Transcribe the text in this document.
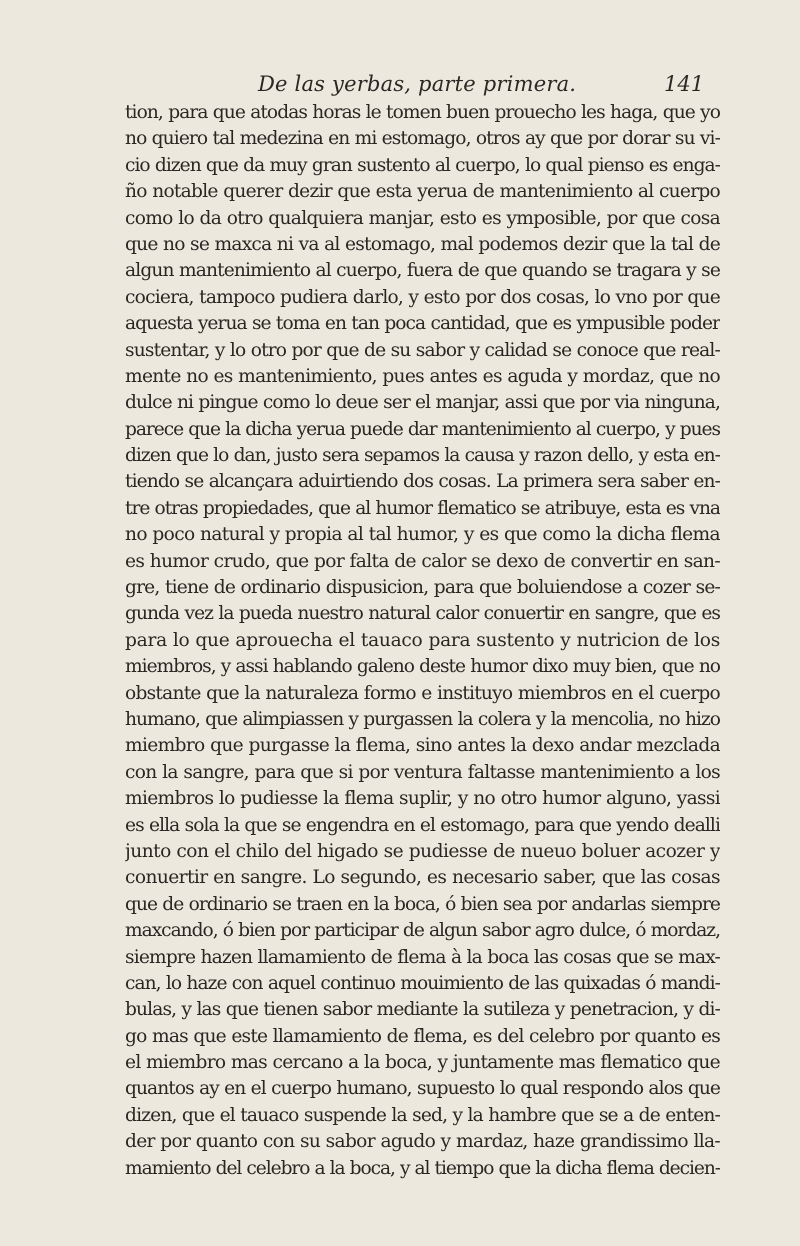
De las yerbas, parte primera.	141
tion, para que atodas horas le tomen buen prouecho les haga, que yo
no quiero tal medezina en mi estomago, otros ay que por dorar su vi-
cio dizen que da muy gran sustento al cuerpo, lo qual pienso es enga-
ño notable querer dezir que esta yerua de mantenimiento al cuerpo
como lo da otro qualquiera manjar, esto es ymposible, por que cosa
que no se maxca ni va al estomago, mal podemos dezir que la tal de
algun mantenimiento al cuerpo, fuera de que quando se tragara y se
cociera, tampoco pudiera darlo, y esto por dos cosas, lo vno por que
aquesta yerua se toma en tan poca cantidad, que es ympusible poder
sustentar, y lo otro por que de su sabor y calidad se conoce que real-
mente no es mantenimiento, pues antes es aguda y mordaz, que no
dulce ni pingue como lo deue ser el manjar, assi que por via ninguna,
parece que la dicha yerua puede dar mantenimiento al cuerpo, y pues
dizen que lo dan, justo sera sepamos la causa y razon dello, y esta en-
tiendo se alcançara aduirtiendo dos cosas. La primera sera saber en-
tre otras propiedades, que al humor flematico se atribuye, esta es vna
no poco natural y propia al tal humor, y es que como la dicha flema
es humor crudo, que por falta de calor se dexo de convertir en san-
gre, tiene de ordinario dispusicion, para que boluiendose a cozer se-
gunda vez la pueda nuestro natural calor conuertir en sangre, que es
para lo que aprouecha el tauaco para sustento y nutricion de los
miembros, y assi hablando galeno deste humor dixo muy bien, que no
obstante que la naturaleza formo e instituyo miembros en el cuerpo
humano, que alimpiassen y purgassen la colera y la mencolia, no hizo
miembro que purgasse la flema, sino antes la dexo andar mezclada
con la sangre, para que si por ventura faltasse mantenimiento a los
miembros lo pudiesse la flema suplir, y no otro humor alguno, yassi
es ella sola la que se engendra en el estomago, para que yendo dealli
junto con el chilo del higado se pudiesse de nueuo boluer acozer y
conuertir en sangre. Lo segundo, es necesario saber, que las cosas
que de ordinario se traen en la boca, ó bien sea por andarlas siempre
maxcando, ó bien por participar de algun sabor agro dulce, ó mordaz,
siempre hazen llamamiento de flema à la boca las cosas que se max-
can, lo haze con aquel continuo mouimiento de las quixadas ó mandi-
bulas, y las que tienen sabor mediante la sutileza y penetracion, y di-
go mas que este llamamiento de flema, es del celebro por quanto es
el miembro mas cercano a la boca, y juntamente mas flematico que
quantos ay en el cuerpo humano, supuesto lo qual respondo alos que
dizen, que el tauaco suspende la sed, y la hambre que se a de enten-
der por quanto con su sabor agudo y mardaz, haze grandissimo lla-
mamiento del celebro a la boca, y al tiempo que la dicha flema decien-
